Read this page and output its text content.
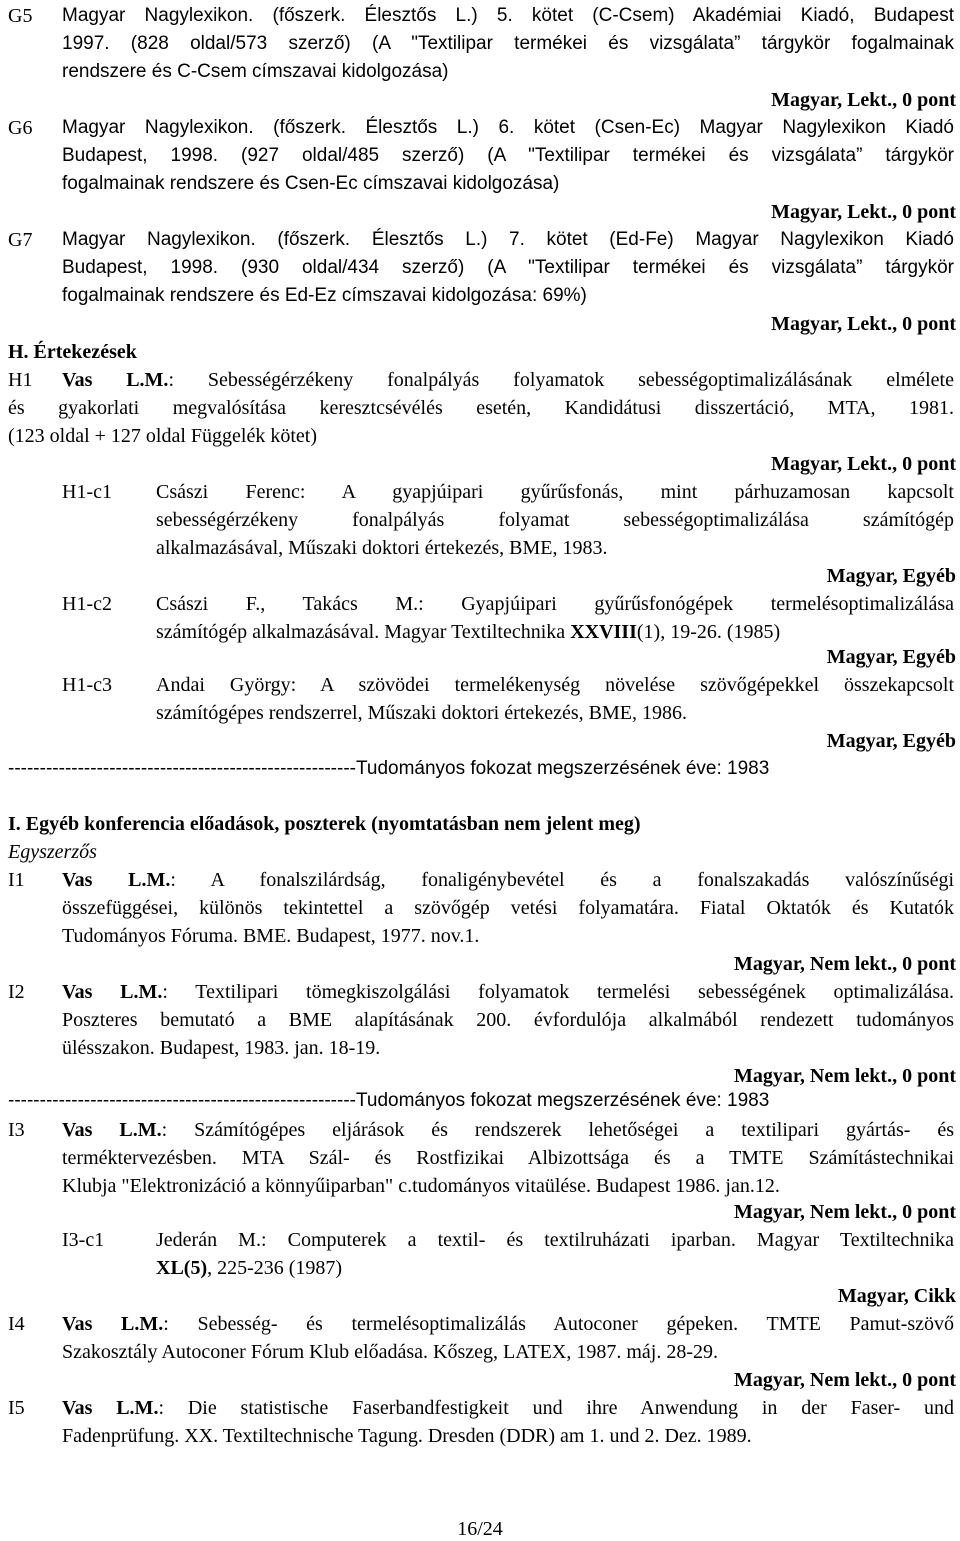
G5 Magyar Nagylexikon. (főszerk. Élesztős L.) 5. kötet (C-Csem) Akadémiai Kiadó, Budapest
1997. (828 oldal/573 szerző) (A "Textilipar termékei és vizsgálata” tárgykör fogalmainak
rendszere és C-Csem címszavai kidolgozása)
Magyar, Lekt., 0 pont
G6 Magyar Nagylexikon. (főszerk. Élesztős L.) 6. kötet (Csen-Ec) Magyar Nagylexikon Kiadó
Budapest, 1998. (927 oldal/485 szerző) (A "Textilipar termékei és vizsgálata” tárgykör
fogalmainak rendszere és Csen-Ec címszavai kidolgozása)
Magyar, Lekt., 0 pont
G7 Magyar Nagylexikon. (főszerk. Élesztős L.) 7. kötet (Ed-Fe) Magyar Nagylexikon Kiadó
Budapest, 1998. (930 oldal/434 szerző) (A "Textilipar termékei és vizsgálata” tárgykör
fogalmainak rendszere és Ed-Ez címszavai kidolgozása: 69%)
Magyar, Lekt., 0 pont
H. Értekezések
H1 Vas L.M.: Sebességérzékeny fonalpályás folyamatok sebességoptimalizálásának elmélete
és gyakorlati megvalósítása keresztcsévélés esetén, Kandidátusi disszertáció, MTA, 1981.
(123 oldal + 127 oldal Függelék kötet)
Magyar, Lekt., 0 pont
H1-c1 Császi Ferenc: A gyapjúipari gyűrűsfonás, mint párhuzamosan kapcsolt
sebességérzékeny fonalpályás folyamat sebességoptimalizálása számítógép
alkalmazásával, Műszaki doktori értekezés, BME, 1983.
Magyar, Egyéb
H1-c2 Császi F., Takács M.: Gyapjúipari gyűrűsfonógépek termelésoptimalizálása
számítógép alkalmazásával. Magyar Textiltechnika XXVIII(1), 19-26. (1985)
Magyar, Egyéb
H1-c3 Andai György: A szövödei termelékenység növelése szövőgépekkel összekapcsolt
számítógépes rendszerrel, Műszaki doktori értekezés, BME, 1986.
Magyar, Egyéb
-------------------------------------------------------Tudományos fokozat megszerzésének éve: 1983
I. Egyéb konferencia előadások, poszterek (nyomtatásban nem jelent meg)
Egyszerzős
I1 Vas L.M.: A fonalszilárdság, fonaligénybevétel és a fonalszakadás valószínűségi
összefüggései, különös tekintettel a szövőgép vetési folyamatára. Fiatal Oktatók és Kutatók
Tudományos Fóruma. BME. Budapest, 1977. nov.1.
Magyar, Nem lekt., 0 pont
I2 Vas L.M.: Textilipari tömegkiszolgálási folyamatok termelési sebességének optimalizálása.
Poszteres bemutató a BME alapításának 200. évfordulója alkalmából rendezett tudományos
ülésszakon. Budapest, 1983. jan. 18-19.
Magyar, Nem lekt., 0 pont
-------------------------------------------------------Tudományos fokozat megszerzésének éve: 1983
I3 Vas L.M.: Számítógépes eljárások és rendszerek lehetőségei a textilipari gyártás- és
terméktervezésben. MTA Szál- és Rostfizikai Albizottsága és a TMTE Számítástechnikai
Klubja "Elektronizáció a könnyűiparban" c.tudományos vitaülése. Budapest 1986. jan.12.
Magyar, Nem lekt., 0 pont
I3-c1	Jederán M.: Computerek a textil- és textilruházati iparban. Magyar Textiltechnika
XL(5), 225-236 (1987)
Magyar, Cikk
I4 Vas L.M.: Sebesség- és termelésoptimalizálás Autoconer gépeken. TMTE Pamut-szövő
Szakosztály Autoconer Fórum Klub előadása. Kőszeg, LATEX, 1987. máj. 28-29.
Magyar, Nem lekt., 0 pont
I5 Vas L.M.: Die statistische Faserbandfestigkeit und ihre Anwendung in der Faser- und
Fadenprüfung. XX. Textiltechnische Tagung. Dresden (DDR) am 1. und 2. Dez. 1989.
16/24
